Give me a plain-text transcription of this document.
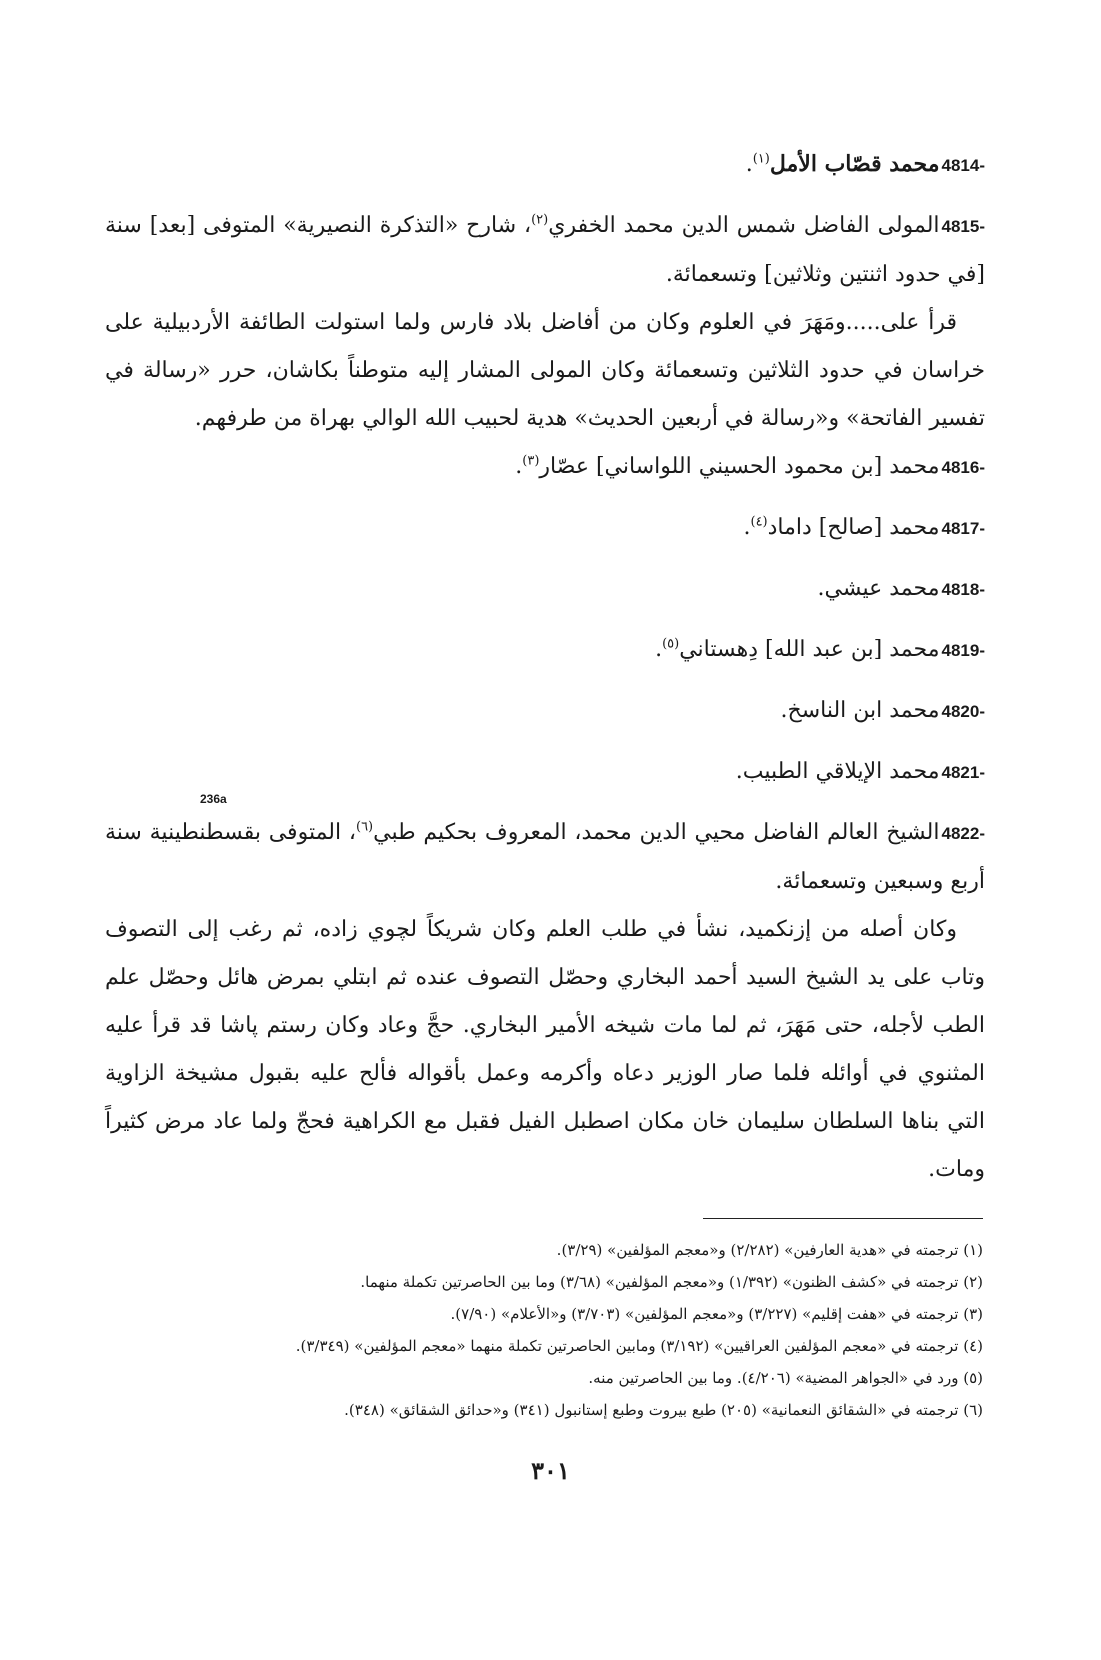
4814-محمد قصّاب الأمل$^{(١)}$.

4815-المولى الفاضل شمس الدين محمد الخفري$^{(٢)}$، شارح «التذكرة النصيرية» المتوفى [بعد] سنة [في حدود اثنتين وثلاثين] وتسعمائة.

قرأ على.....ومَهَرَ في العلوم وكان من أفاضل بلاد فارس ولما استولت الطائفة الأردبيلية على خراسان في حدود الثلاثين وتسعمائة وكان المولى المشار إليه متوطناً بكاشان، حرر «رسالة في تفسير الفاتحة» و«رسالة في أربعين الحديث» هدية لحبيب الله الوالي بهراة من طرفهم.

4816-محمد [بن محمود الحسيني اللواساني] عصّار$^{(٣)}$.

4817-محمد [صالح] داماد$^{(٤)}$.

4818-محمد عيشي.

4819-محمد [بن عبد الله] دِهستاني$^{(٥)}$.

4820-محمد ابن الناسخ.

4821-محمد الإيلاقي الطبيب.

4822-الشيخ العالم الفاضل محيي الدين محمد، المعروف بحكيم طبي$^{(٦)}$، المتوفى بقسطنطينية سنة أربع وسبعين وتسعمائة.

وكان أصله من إزنكميد، نشأ في طلب العلم وكان شريكاً لچوي زاده، ثم رغب إلى التصوف وتاب على يد الشيخ السيد أحمد البخاري وحصّل التصوف عنده ثم ابتلي بمرض هائل وحصّل علم الطب لأجله، حتى مَهَرَ، ثم لما مات شيخه الأمير البخاري. حجَّ وعاد وكان رستم پاشا قد قرأ عليه المثنوي في أوائله فلما صار الوزير دعاه وأكرمه وعمل بأقواله فألح عليه بقبول مشيخة الزاوية التي بناها السلطان سليمان خان مكان اصطبل الفيل فقبل مع الكراهية فحجّ ولما عاد مرض كثيراً ومات.

236a

(١) ترجمته في «هدية العارفين» (٢/٢٨٢) و«معجم المؤلفين» (٣/٢٩).

(٢) ترجمته في «كشف الظنون» (١/٣٩٢) و«معجم المؤلفين» (٣/٦٨) وما بين الحاصرتين تكملة منهما.

(٣) ترجمته في «هفت إقليم» (٣/٢٢٧) و«معجم المؤلفين» (٣/٧٠٣) و«الأعلام» (٧/٩٠).

(٤) ترجمته في «معجم المؤلفين العراقيين» (٣/١٩٢) ومابين الحاصرتين تكملة منهما «معجم المؤلفين» (٣/٣٤٩).

(٥) ورد في «الجواهر المضية» (٤/٢٠٦). وما بين الحاصرتين منه.

(٦) ترجمته في «الشقائق النعمانية» (٢٠٥) طبع بيروت وطبع إستانبول (٣٤١) و«حدائق الشقائق» (٣٤٨).

٣٠١
